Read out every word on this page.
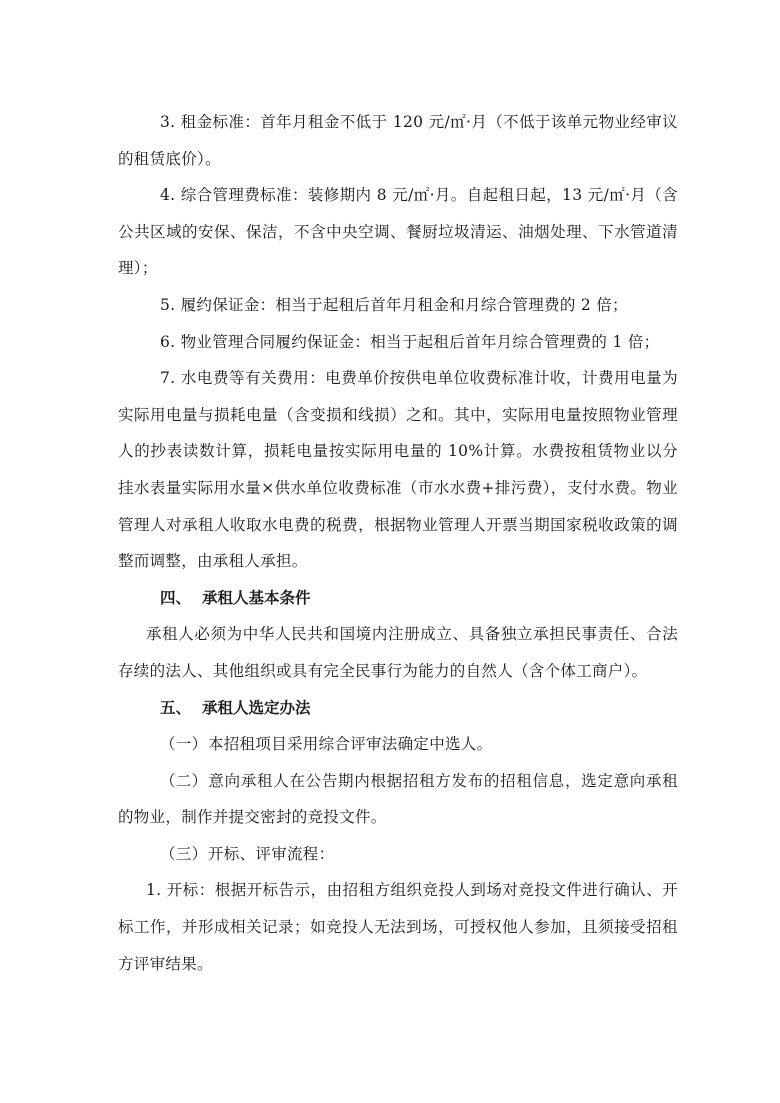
3. 租金标准：首年月租金不低于 120 元/㎡·月（不低于该单元物业经审议的租赁底价）。

4. 综合管理费标准：装修期内 8 元/㎡·月。自起租日起，13 元/㎡·月（含公共区域的安保、保洁，不含中央空调、餐厨垃圾清运、油烟处理、下水管道清理）；

5. 履约保证金：相当于起租后首年月租金和月综合管理费的 2 倍；

6. 物业管理合同履约保证金：相当于起租后首年月综合管理费的 1 倍；

7. 水电费等有关费用：电费单价按供电单位收费标准计收，计费用电量为实际用电量与损耗电量（含变损和线损）之和。其中，实际用电量按照物业管理人的抄表读数计算，损耗电量按实际用电量的 10%计算。水费按租赁物业以分挂水表量实际用水量×供水单位收费标准（市水水费+排污费），支付水费。物业管理人对承租人收取水电费的税费，根据物业管理人开票当期国家税收政策的调整而调整，由承租人承担。

四、 承租人基本条件

承租人必须为中华人民共和国境内注册成立、具备独立承担民事责任、合法存续的法人、其他组织或具有完全民事行为能力的自然人（含个体工商户）。

五、 承租人选定办法

（一）本招租项目采用综合评审法确定中选人。

（二）意向承租人在公告期内根据招租方发布的招租信息，选定意向承租的物业，制作并提交密封的竞投文件。

（三）开标、评审流程：

1. 开标：根据开标告示，由招租方组织竞投人到场对竞投文件进行确认、开标工作，并形成相关记录；如竞投人无法到场，可授权他人参加，且须接受招租方评审结果。
